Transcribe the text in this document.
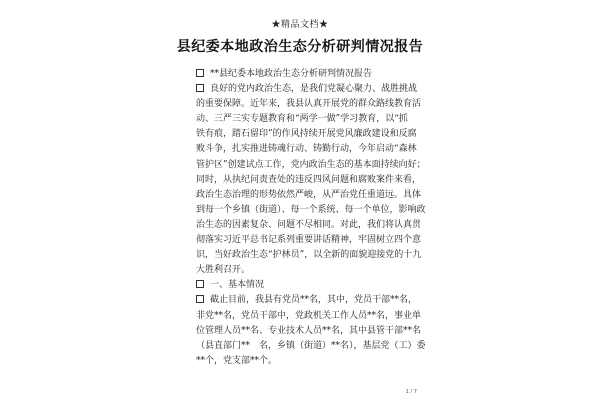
★精品文档★
县纪委本地政治生态分析研判情况报告
**县纪委本地政治生态分析研判情况报告
良好的党内政治生态，是我们党凝心聚力、战胜挑战
的重要保障。近年来，我县认真开展党的群众路线教育活
动、三严三实专题教育和“两学一做”学习教育，以“抓
铁有痕，踏石留印”的作风持续开展党风廉政建设和反腐
败斗争，扎实推进铸魂行动、铸勤行动，今年启动“森林
管护区”创建试点工作，党内政治生态的基本面持续向好；
同时，从执纪问责查处的违反四风问题和腐败案件来看，
政治生态治理的形势依然严峻，从严治党任重道远。具体
到每一个乡镇（街道）、每一个系统、每一个单位，影响政
治生态的因素复杂、问题不尽相同。对此，我们将认真贯
彻落实习近平总书记系列重要讲话精神，牢固树立四个意
识，当好政治生态“护林员”，以全新的面貌迎接党的十九
大胜利召开。
一、基本情况
截止目前，我县有党员**名，其中，党员干部**名，
非党**名，党员干部中，党政机关工作人员**名，事业单
位管理人员**名、专业技术人员**名，其中县管干部**名
（县直部门**　名，乡镇（街道）**名），基层党（工）委
**个，党支部**个。
1 / 7
